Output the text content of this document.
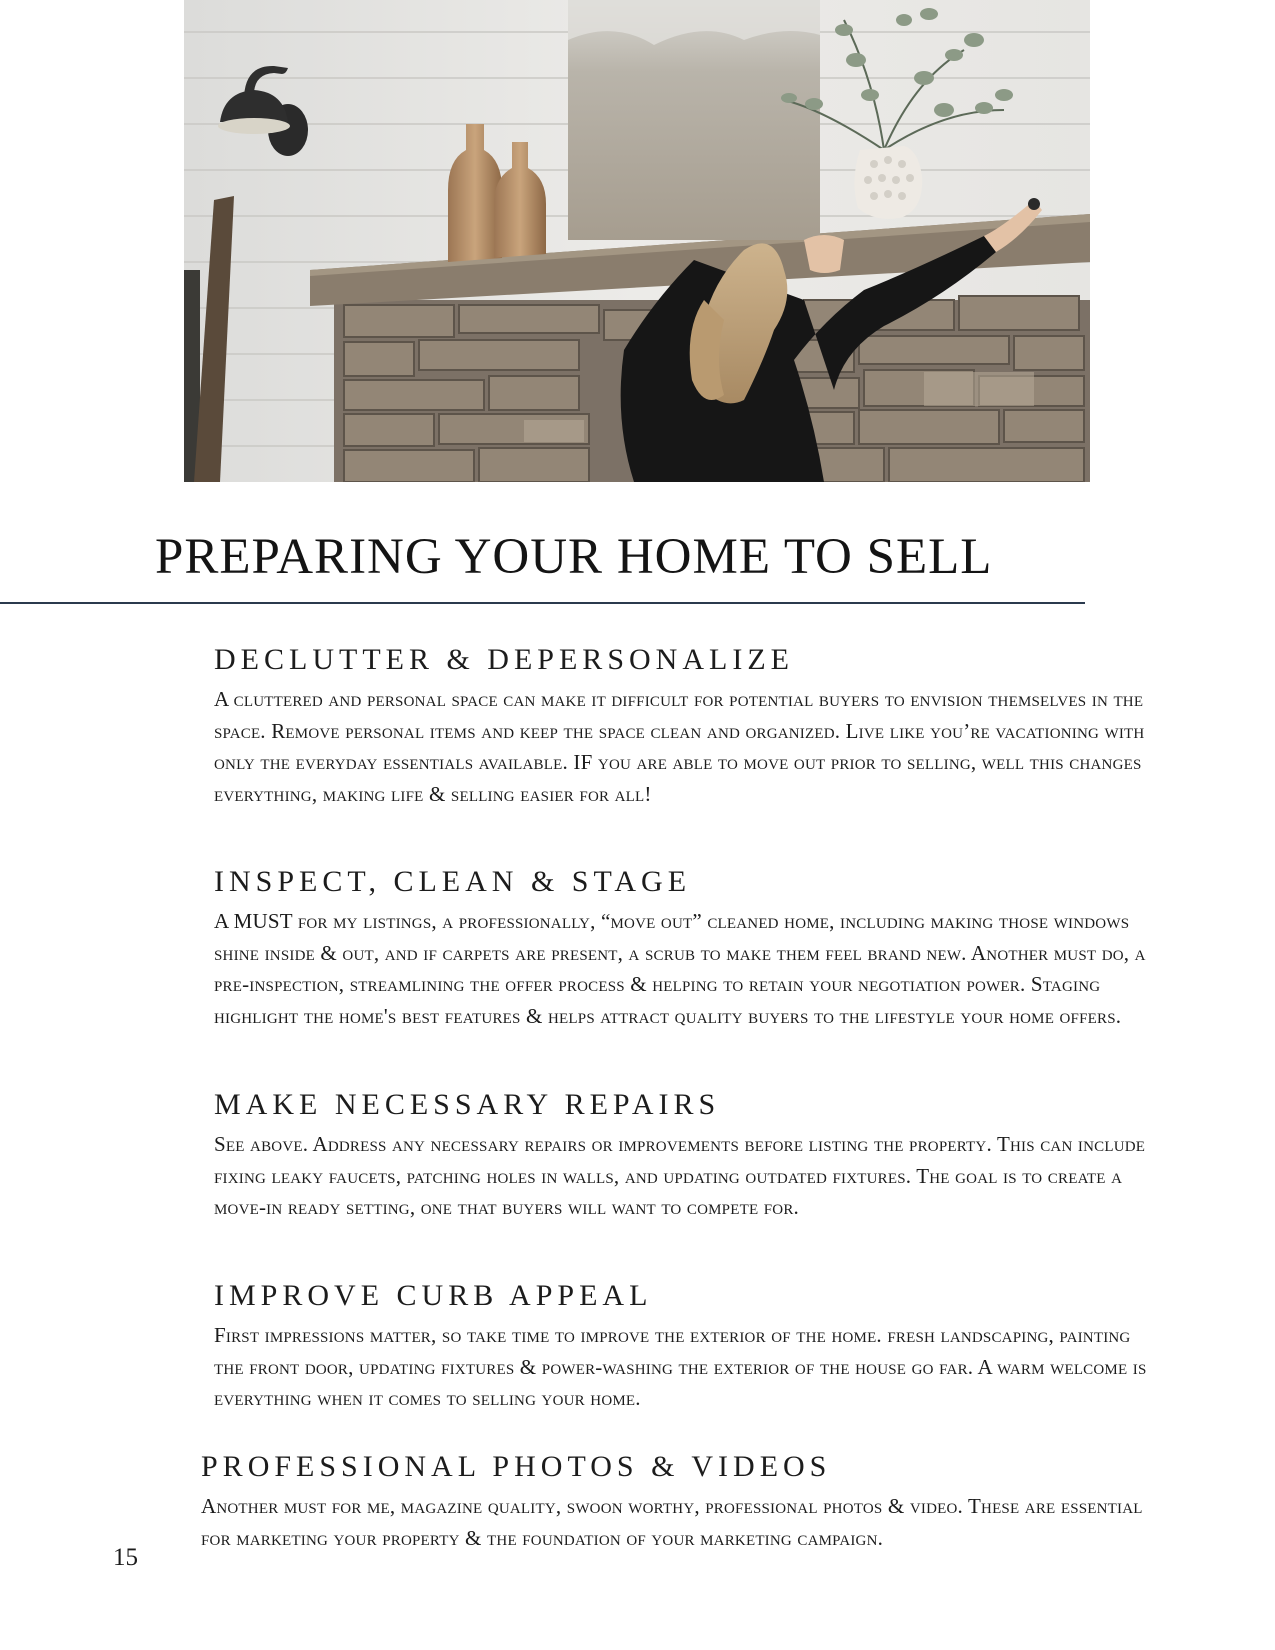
PREPARING YOUR HOME TO SELL
DECLUTTER & DEPERSONALIZE

A cluttered and personal space can make it difficult for potential buyers to envision themselves in the space. Remove personal items and keep the space clean and organized. Live like you’re vacationing with only the everyday essentials available. IF you are able to move out prior to selling, well this changes everything, making life & selling easier for all!

INSPECT, CLEAN & STAGE

A MUST for my listings, a professionally, “move out” cleaned home, including making those windows shine inside & out, and if carpets are present, a scrub to make them feel brand new. Another must do, a pre-inspection, streamlining the offer process & helping to retain your negotiation power. Staging highlight the home's best features & helps attract quality buyers to the lifestyle your home offers.

MAKE NECESSARY REPAIRS

See above. Address any necessary repairs or improvements before listing the property. This can include fixing leaky faucets, patching holes in walls, and updating outdated fixtures. The goal is to create a move-in ready setting, one that buyers will want to compete for.

IMPROVE CURB APPEAL

First impressions matter, so take time to improve the exterior of the home. fresh landscaping, painting the front door, updating fixtures & power-washing the exterior of the house go far. A warm welcome is everything when it comes to selling your home.

PROFESSIONAL PHOTOS & VIDEOS

Another must for me, magazine quality, swoon worthy, professional photos & video. These are essential for marketing your property & the foundation of your marketing campaign.

15
